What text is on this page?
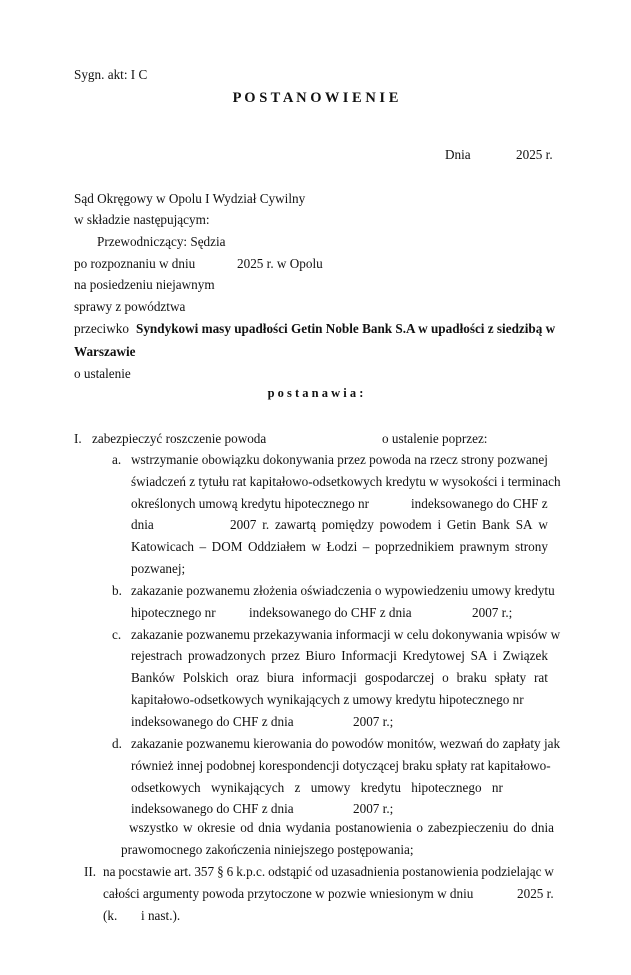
Sygn. akt: I C
P O S T A N O W I E N I E
Dnia	2025 r.
Sąd Okręgowy w Opolu I Wydział Cywilny
w składzie następującym:
Przewodniczący: Sędzia
po rozpoznaniu w dniu	2025 r. w Opolu
na posiedzeniu niejawnym
sprawy z powództwa
przeciwko Syndykowi masy upadłości Getin Noble Bank S.A w upadłości z siedzibą w
Warszawie
o ustalenie
p o s t a n a w i a :
I. zabezpieczyć roszczenie powoda	o ustalenie poprzez:
a. wstrzymanie obowiązku dokonywania przez powoda na rzecz strony pozwanej
świadczeń z tytułu rat kapitałowo-odsetkowych kredytu w wysokości i terminach
określonych umową kredytu hipotecznego nr	indeksowanego do CHF z
dnia	2007 r. zawartą pomiędzy powodem i Getin Bank SA w
Katowicach – DOM Oddziałem w Łodzi – poprzednikiem prawnym strony
pozwanej;
b. zakazanie pozwanemu złożenia oświadczenia o wypowiedzeniu umowy kredytu
hipotecznego nr	indeksowanego do CHF z dnia	2007 r.;
c. zakazanie pozwanemu przekazywania informacji w celu dokonywania wpisów w
rejestrach prowadzonych przez Biuro Informacji Kredytowej SA i Związek
Banków Polskich oraz biura informacji gospodarczej o braku spłaty rat
kapitałowo-odsetkowych wynikających z umowy kredytu hipotecznego nr
indeksowanego do CHF z dnia	2007 r.;
d. zakazanie pozwanemu kierowania do powodów monitów, wezwań do zapłaty jak
również innej podobnej korespondencji dotyczącej braku spłaty rat kapitałowo-
odsetkowych wynikających z umowy kredytu hipotecznego nr
indeksowanego do CHF z dnia	2007 r.;
wszystko w okresie od dnia wydania postanowienia o zabezpieczeniu do dnia
prawomocnego zakończenia niniejszego postępowania;
II. na pocstawie art. 357 § 6 k.p.c. odstąpić od uzasadnienia postanowienia podzielając w
całości argumenty powoda przytoczone w pozwie wniesionym w dniu	2025 r.
(k. i nast.).
